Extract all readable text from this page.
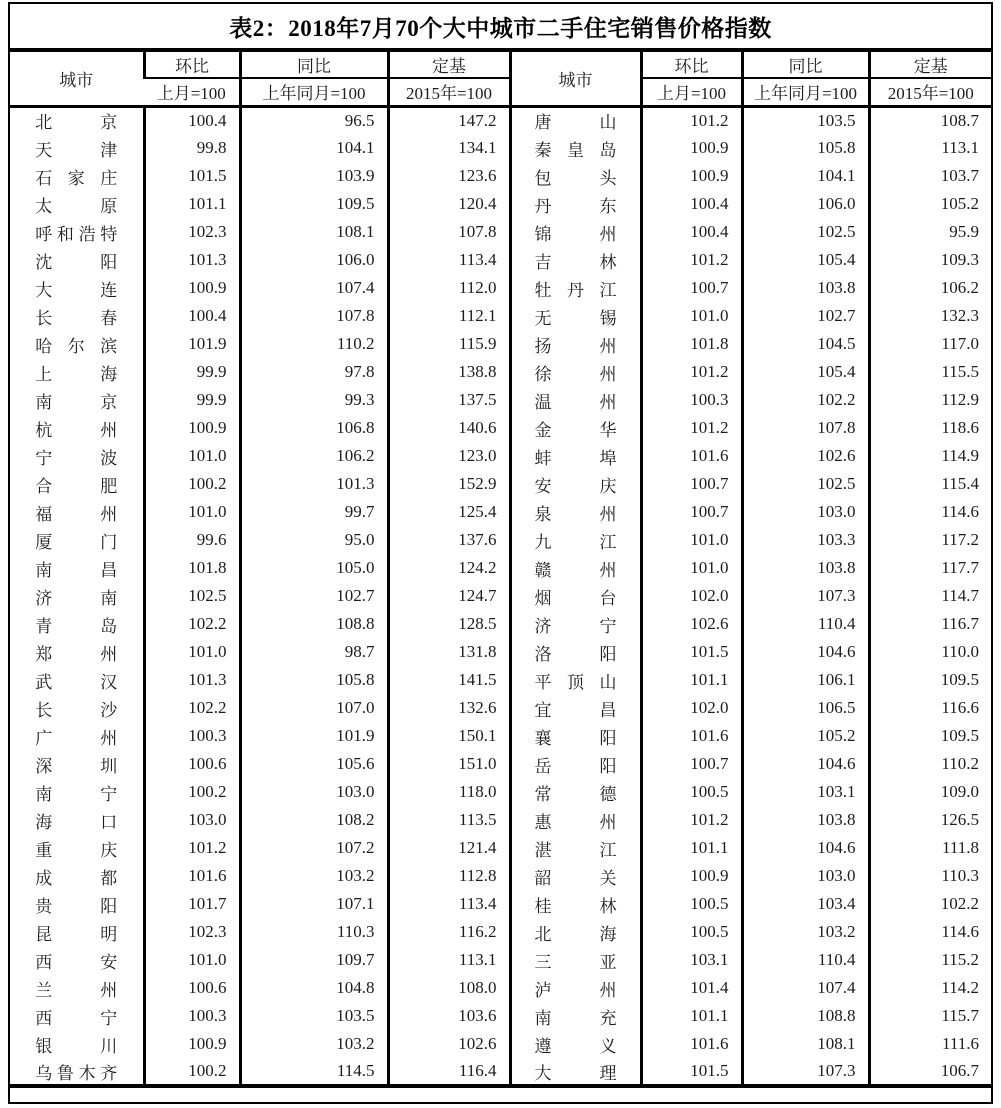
表2：2018年7月70个大中城市二手住宅销售价格指数
城市	环比	同比	定基	城市	环比	同比	定基
	上月=100	上年同月=100	2015年=100		上月=100	上年同月=100	2015年=100

北 京	100.4	96.5	147.2	唐 山	101.2	103.5	108.7

天 津	99.8	104.1	134.1	秦 皇 岛	100.9	105.8	113.1

石 家 庄	101.5	103.9	123.6	包 头	100.9	104.1	103.7

太 原	101.1	109.5	120.4	丹 东	100.4	106.0	105.2

呼 和 浩 特	102.3	108.1	107.8	锦 州	100.4	102.5	95.9

沈 阳	101.3	106.0	113.4	吉 林	101.2	105.4	109.3

大 连	100.9	107.4	112.0	牡 丹 江	100.7	103.8	106.2

长 春	100.4	107.8	112.1	无 锡	101.0	102.7	132.3

哈 尔 滨	101.9	110.2	115.9	扬 州	101.8	104.5	117.0

上 海	99.9	97.8	138.8	徐 州	101.2	105.4	115.5

南 京	99.9	99.3	137.5	温 州	100.3	102.2	112.9

杭 州	100.9	106.8	140.6	金 华	101.2	107.8	118.6

宁 波	101.0	106.2	123.0	蚌 埠	101.6	102.6	114.9

合 肥	100.2	101.3	152.9	安 庆	100.7	102.5	115.4

福 州	101.0	99.7	125.4	泉 州	100.7	103.0	114.6

厦 门	99.6	95.0	137.6	九 江	101.0	103.3	117.2

南 昌	101.8	105.0	124.2	赣 州	101.0	103.8	117.7

济 南	102.5	102.7	124.7	烟 台	102.0	107.3	114.7

青 岛	102.2	108.8	128.5	济 宁	102.6	110.4	116.7

郑 州	101.0	98.7	131.8	洛 阳	101.5	104.6	110.0

武 汉	101.3	105.8	141.5	平 顶 山	101.1	106.1	109.5

长 沙	102.2	107.0	132.6	宜 昌	102.0	106.5	116.6

广 州	100.3	101.9	150.1	襄 阳	101.6	105.2	109.5

深 圳	100.6	105.6	151.0	岳 阳	100.7	104.6	110.2

南 宁	100.2	103.0	118.0	常 德	100.5	103.1	109.0

海 口	103.0	108.2	113.5	惠 州	101.2	103.8	126.5

重 庆	101.2	107.2	121.4	湛 江	101.1	104.6	111.8

成 都	101.6	103.2	112.8	韶 关	100.9	103.0	110.3

贵 阳	101.7	107.1	113.4	桂 林	100.5	103.4	102.2

昆 明	102.3	110.3	116.2	北 海	100.5	103.2	114.6

西 安	101.0	109.7	113.1	三 亚	103.1	110.4	115.2

兰 州	100.6	104.8	108.0	泸 州	101.4	107.4	114.2

西 宁	100.3	103.5	103.6	南 充	101.1	108.8	115.7

银 川	100.9	103.2	102.6	遵 义	101.6	108.1	111.6

乌 鲁 木 齐	100.2	114.5	116.4	大 理	101.5	107.3	106.7
